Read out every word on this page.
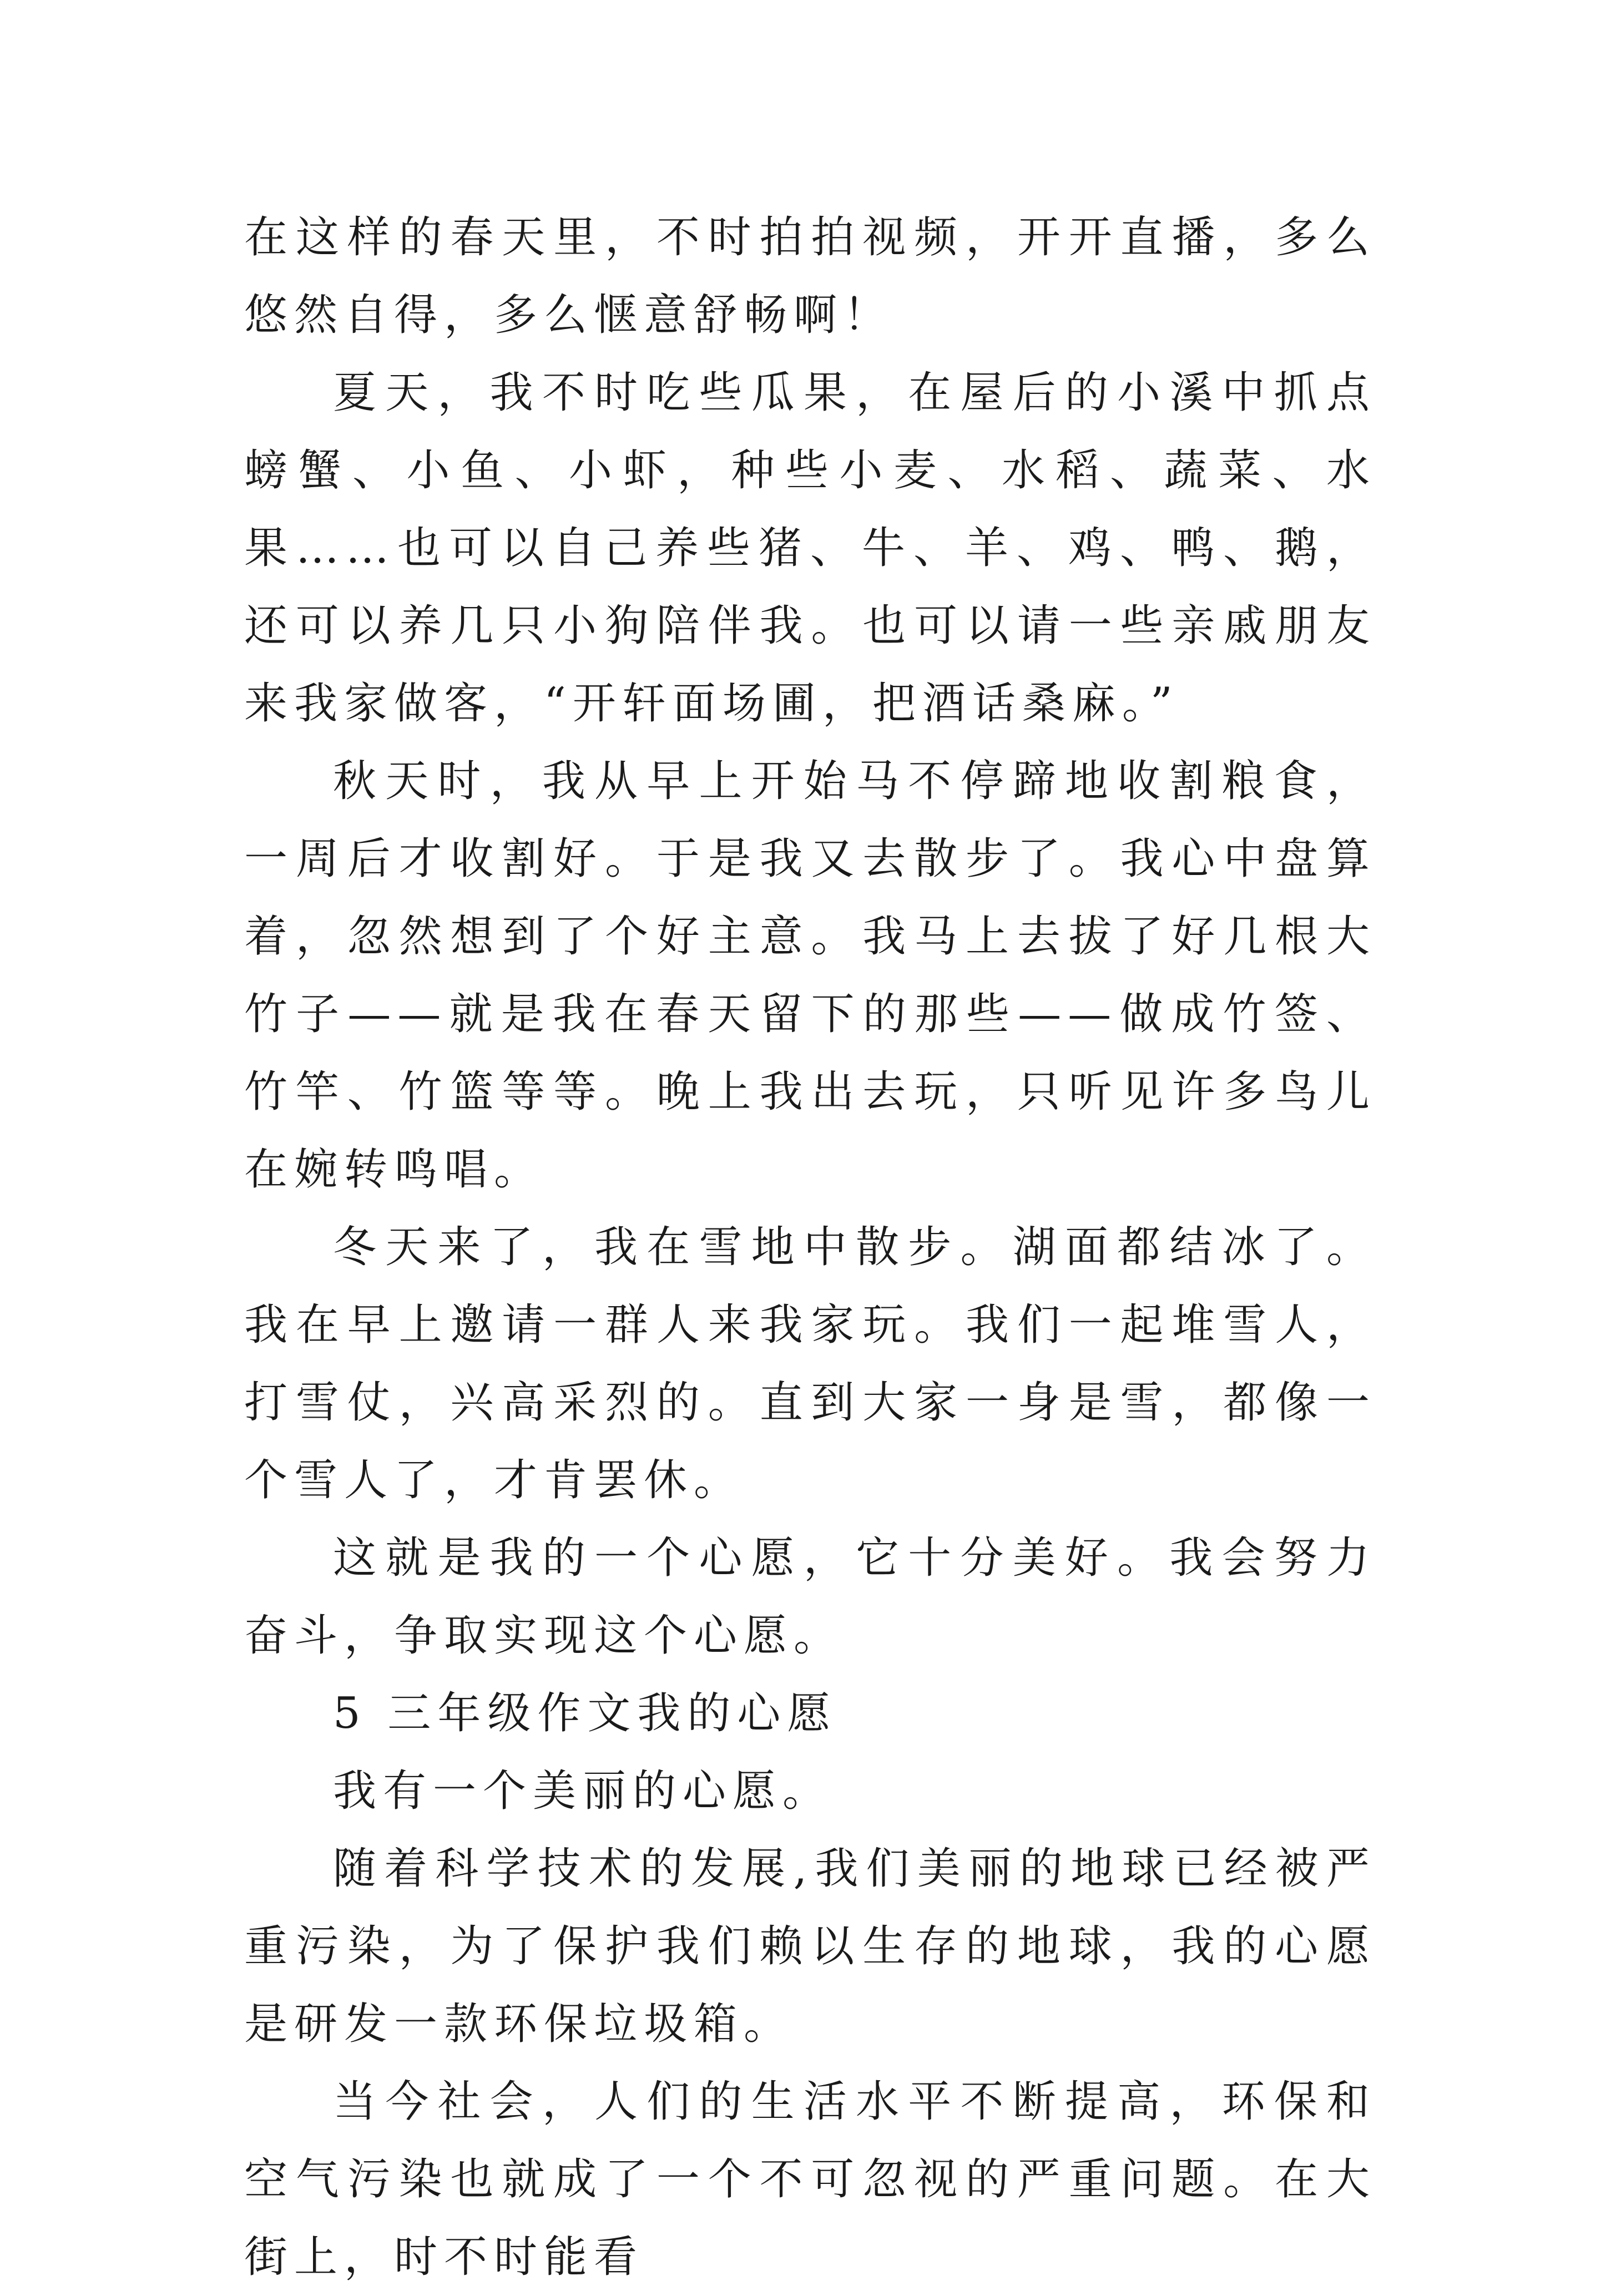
在这样的春天里，不时拍拍视频，开开直播，多么悠然自得，多么惬意舒畅啊！

夏天，我不时吃些瓜果，在屋后的小溪中抓点螃蟹、小鱼、小虾，种些小麦、水稻、蔬菜、水果……也可以自己养些猪、牛、羊、鸡、鸭、鹅，还可以养几只小狗陪伴我。也可以请一些亲戚朋友来我家做客，“开轩面场圃，把酒话桑麻。”

秋天时，我从早上开始马不停蹄地收割粮食，一周后才收割好。于是我又去散步了。我心中盘算着，忽然想到了个好主意。我马上去拔了好几根大竹子——就是我在春天留下的那些——做成竹签、竹竿、竹篮等等。晚上我出去玩，只听见许多鸟儿在婉转鸣唱。

冬天来了，我在雪地中散步。湖面都结冰了。我在早上邀请一群人来我家玩。我们一起堆雪人，打雪仗，兴高采烈的。直到大家一身是雪，都像一个雪人了，才肯罢休。

这就是我的一个心愿，它十分美好。我会努力奋斗，争取实现这个心愿。

5 三年级作文我的心愿

我有一个美丽的心愿。

随着科学技术的发展,我们美丽的地球已经被严重污染，为了保护我们赖以生存的地球，我的心愿是研发一款环保垃圾箱。

当今社会，人们的生活水平不断提高，环保和空气污染也就成了一个不可忽视的严重问题。在大街上，时不时能看
